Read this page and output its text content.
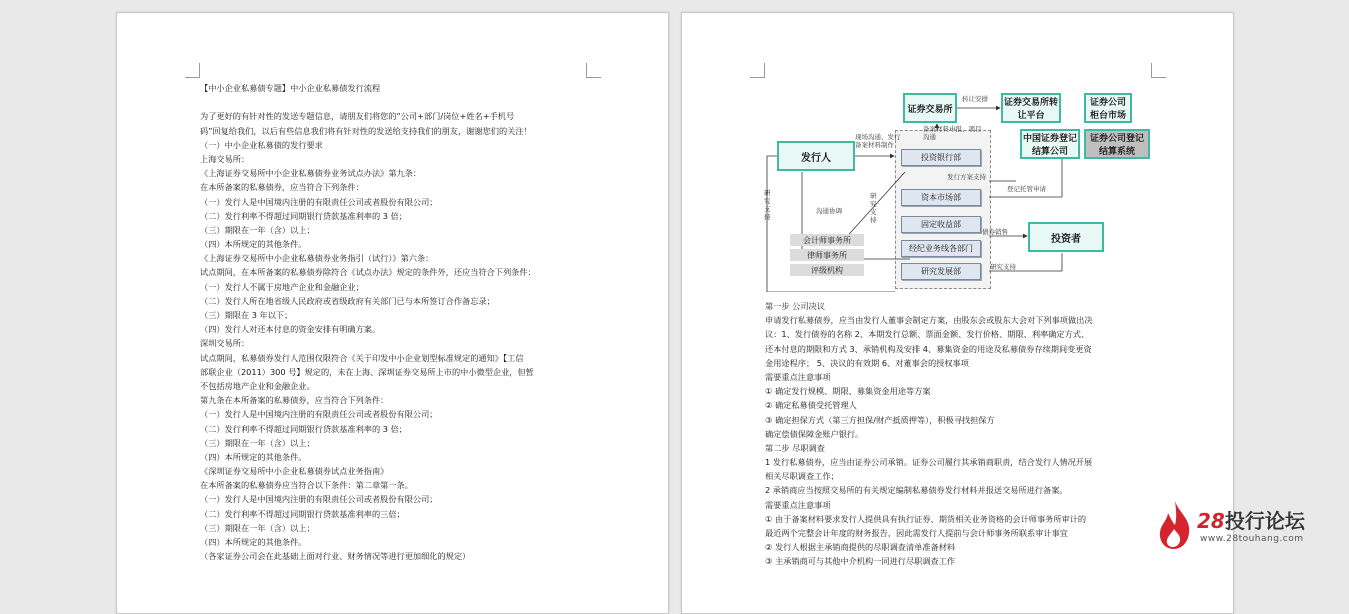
【中小企业私募债专题】中小企业私募债发行流程

为了更好的有针对性的发送专题信息，请朋友们将您的“公司+部门/岗位+姓名+手机号
码”回复给我们，以后有些信息我们将有针对性的发送给支持我们的朋友，谢谢您们的关注！
（一）中小企业私募债的发行要求
上海交易所：
《上海证券交易所中小企业私募债券业务试点办法》第九条：
在本所备案的私募债券，应当符合下列条件：
（一）发行人是中国境内注册的有限责任公司或者股份有限公司；
（二）发行利率不得超过同期银行贷款基准利率的 3 倍；
（三）期限在一年（含）以上；
（四）本所规定的其他条件。
《上海证券交易所中小企业私募债券业务指引（试行）》第六条：
试点期间，在本所备案的私募债券除符合《试点办法》规定的条件外，还应当符合下列条件：
（一）发行人不属于房地产企业和金融企业；
（二）发行人所在地省级人民政府或省级政府有关部门已与本所签订合作备忘录；
（三）期限在 3 年以下；
（四）发行人对还本付息的资金安排有明确方案。
深圳交易所：
试点期间，私募债券发行人范围仅限符合《关于印发中小企业划型标准规定的通知》【工信
部联企业（2011）300 号】规定的，未在上海、深圳证券交易所上市的中小微型企业，但暂
不包括房地产企业和金融企业。
第九条在本所备案的私募债券，应当符合下列条件：
（一）发行人是中国境内注册的有限责任公司或者股份有限公司；
（二）发行利率不得超过同期银行贷款基准利率的 3 倍；
（三）期限在一年（含）以上；
（四）本所规定的其他条件。
《深圳证券交易所中小企业私募债券试点业务指南》
在本所备案的私募债券应当符合以下条件：第二章第一条。
（一）发行人是中国境内注册的有限责任公司或者股份有限公司；
（二）发行利率不得超过同期银行贷款基准利率的三倍；
（三）期限在一年（含）以上；
（四）本所规定的其他条件。
（各家证券公司会在此基础上面对行业、财务情况等进行更加细化的规定）
证券交易所
证券交易所转让平台
证券公司柜台市场
中国证券登记结算公司
证券公司登记结算系统
发行人
投资者
投资银行部
资本市场部
固定收益部
经纪业务线各部门
研究发展部
会计师事务所
律师事务所
评级机构
转让安排
备案材料申报、项目沟通
现场沟通、发行备案材料制作
发行方案支持
登记托管申请
债券销售
研究支持
沟通协调
研究支持
研究支持
第一步 公司决议
申请发行私募债券，应当由发行人董事会制定方案，由股东会或股东大会对下列事项做出决
议：1、发行债券的名称 2、本期发行总额、票面金额、发行价格、期限、利率确定方式、
还本付息的期限和方式 3、承销机构及安排 4、募集资金的用途及私募债券存续期间变更资
金用途程序； 5、决议的有效期 6、对董事会的授权事项
需要重点注意事项
① 确定发行规模、期限、募集资金用途等方案
② 确定私募债受托管理人
③ 确定担保方式（第三方担保/财产抵质押等），积极寻找担保方
确定偿债保障金账户银行。
第二步 尽职调查
1 发行私募债券，应当由证券公司承销。证券公司履行其承销商职责，结合发行人情况开展
相关尽职调查工作；
2 承销商应当按照交易所的有关规定编制私募债券发行材料并报送交易所进行备案。
需要重点注意事项
① 由于备案材料要求发行人提供具有执行证券、期货相关业务资格的会计师事务所审计的
最近两个完整会计年度的财务报告，因此需发行人提前与会计师事务所联系审计事宜
② 发行人根据主承销商提供的尽职调查清单准备材料
③ 主承销商可与其他中介机构一同进行尽职调查工作
28投行论坛
www.28touhang.com
